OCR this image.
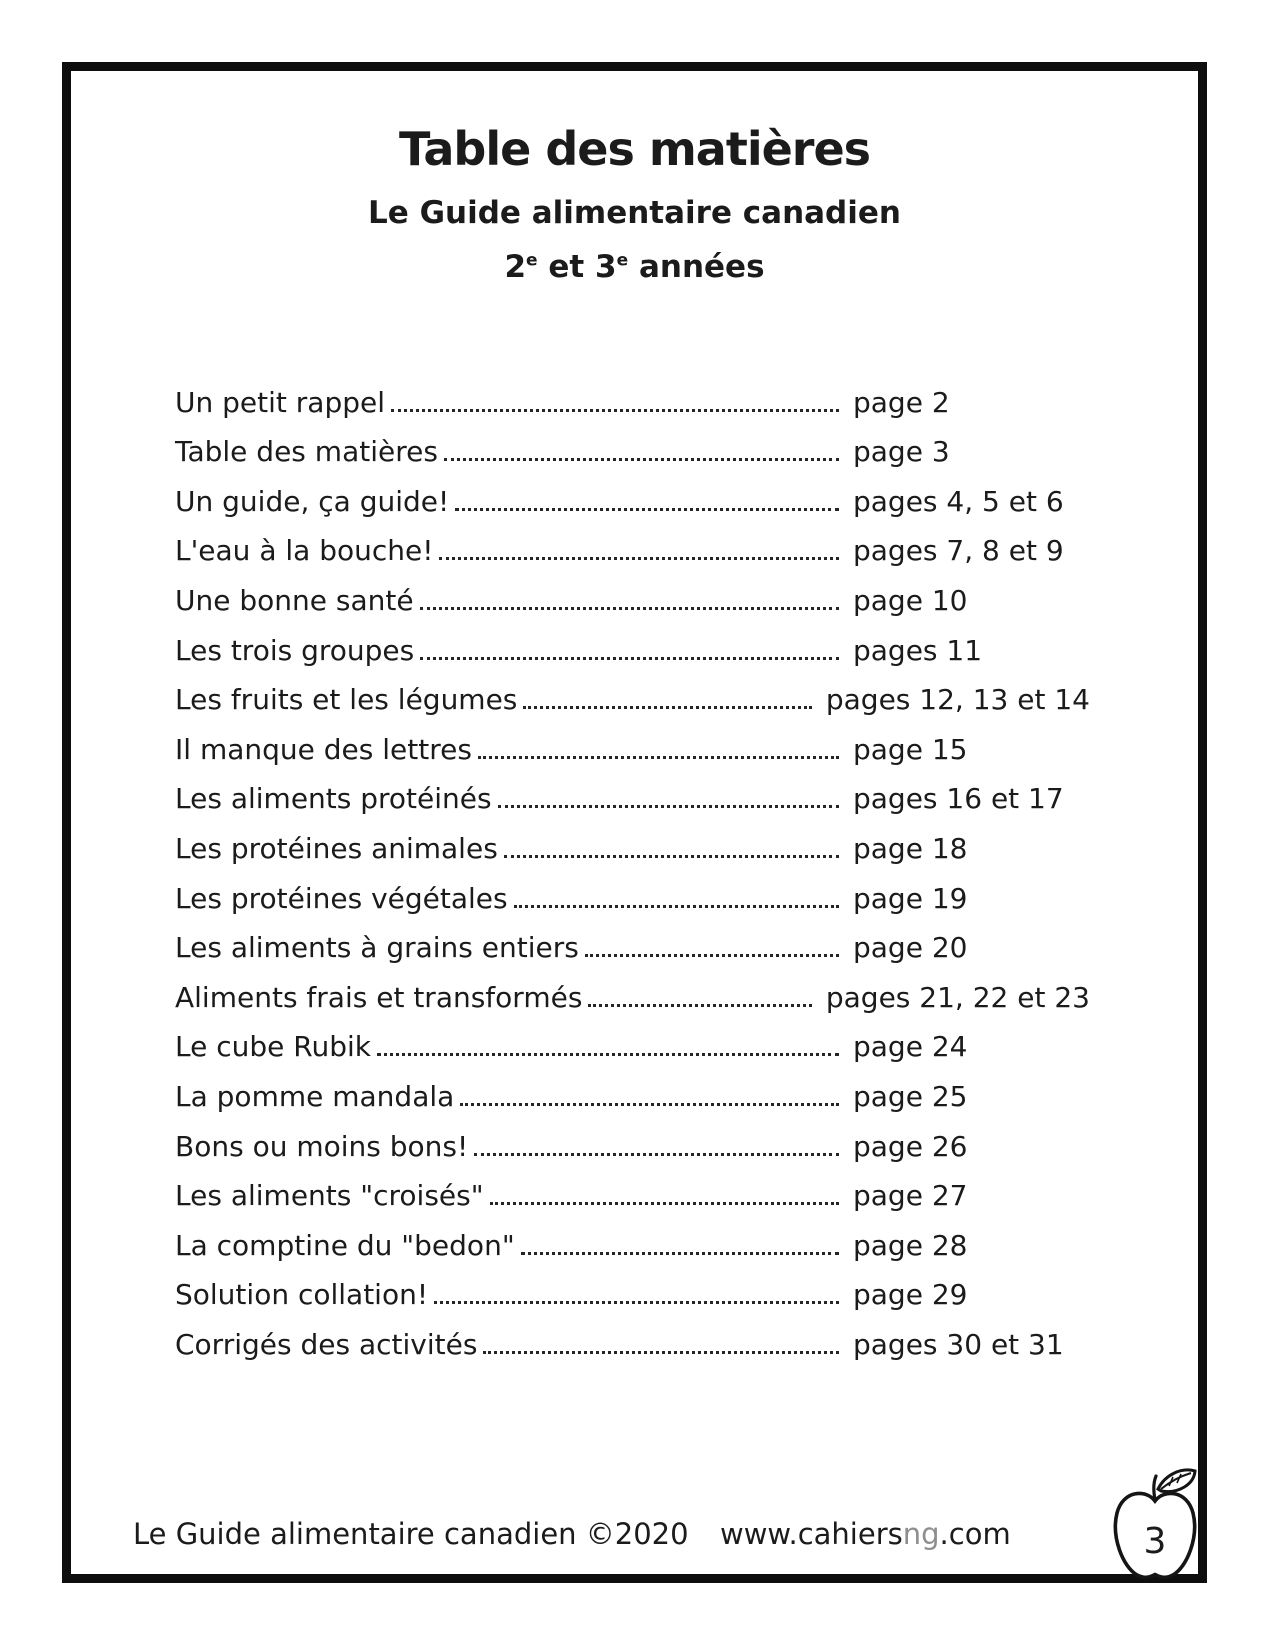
Table des matières
Le Guide alimentaire canadien
2e et 3e années
Un petit rappel	page 2
Table des matières	page 3
Un guide, ça guide!	pages 4, 5 et 6
L'eau à la bouche!	pages 7, 8 et 9
Une bonne santé	page 10
Les trois groupes	pages 11
Les fruits et les légumes	pages 12, 13 et 14
Il manque des lettres	page 15
Les aliments protéinés	pages 16 et 17
Les protéines animales	page 18
Les protéines végétales	page 19
Les aliments à grains entiers	page 20
Aliments frais et transformés	pages 21, 22 et 23
Le cube Rubik	page 24
La pomme mandala	page 25
Bons ou moins bons!	page 26
Les aliments "croisés"	page 27
La comptine du "bedon"	page 28
Solution collation!	page 29
Corrigés des activités	pages 30 et 31
Le Guide alimentaire canadien ©2020 www.cahiersng.com	3
